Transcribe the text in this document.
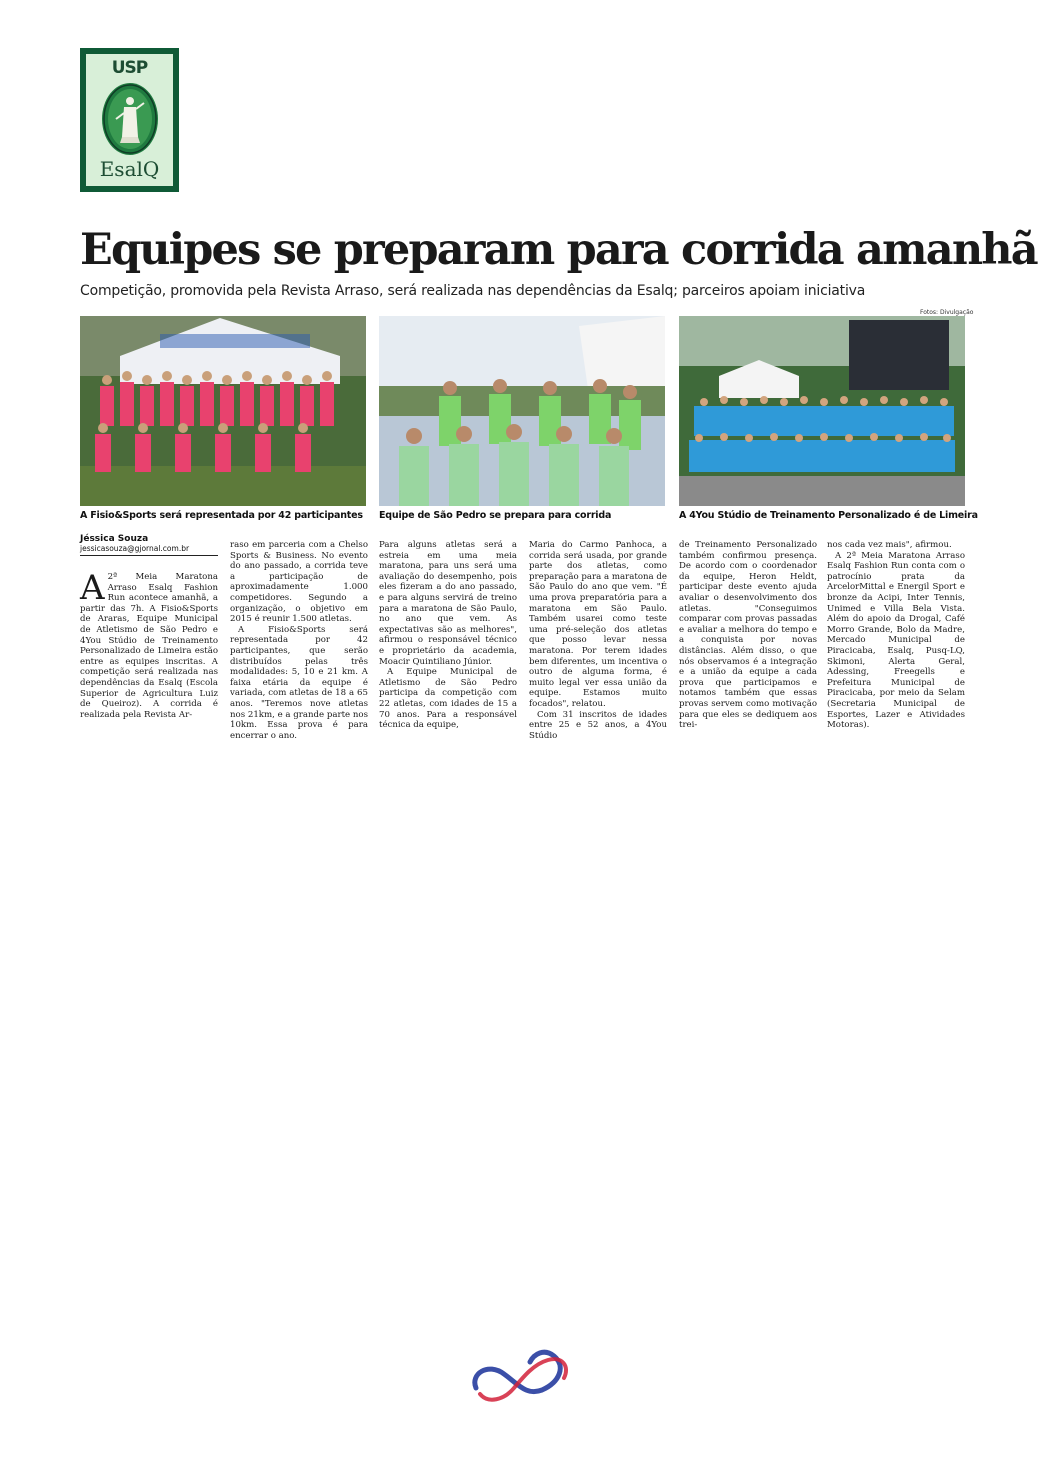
USP
EsalQ
Equipes se preparam para corrida amanhã

Competição, promovida pela Revista Arraso, será realizada nas dependências da Esalq; parceiros apoiam iniciativa

Fotos: Divulgação
A Fisio&Sports será representada por 42 participantes Equipe de São Pedro se prepara para corrida	A 4You Stúdio de Treinamento Personalizado é de Limeira
Jéssica Souza
jessicasouza@gjornal.com.br

A 2ª Meia Maratona Arraso Esalq Fashion Run acontece amanhã, a partir das 7h. A Fisio&Sports de Araras, Equipe Municipal de Atletismo de São Pedro e 4You Stúdio de Treinamento Personalizado de Limeira estão entre as equipes inscritas. A competição será realizada nas dependências da Esalq (Escola Superior de Agricultura Luiz de Queiroz). A corrida é realizada pela Revista Ar-

raso em parceria com a Chelso Sports & Business. No evento do ano passado, a corrida teve a participação de aproximadamente 1.000 competidores. Segundo a organização, o objetivo em 2015 é reunir 1.500 atletas.

A Fisio&Sports será representada por 42 participantes, que serão distribuídos pelas três modalidades: 5, 10 e 21 km. A faixa etária da equipe é variada, com atletas de 18 a 65 anos. "Teremos nove atletas nos 21km, e a grande parte nos 10km. Essa prova é para encerrar o ano.

Para alguns atletas será a estreia em uma meia maratona, para uns será uma avaliação do desempenho, pois eles fizeram a do ano passado, e para alguns servirá de treino para a maratona de São Paulo, no ano que vem. As expectativas são as melhores", afirmou o responsável técnico e proprietário da academia, Moacir Quintiliano Júnior.

A Equipe Municipal de Atletismo de São Pedro participa da competição com 22 atletas, com idades de 15 a 70 anos. Para a responsável técnica da equipe,

Maria do Carmo Panhoca, a corrida será usada, por grande parte dos atletas, como preparação para a maratona de São Paulo do ano que vem. "É uma prova preparatória para a maratona em São Paulo. Também usarei como teste uma pré-seleção dos atletas que posso levar nessa maratona. Por terem idades bem diferentes, um incentiva o outro de alguma forma, é muito legal ver essa união da equipe. Estamos muito focados", relatou.

Com 31 inscritos de idades entre 25 e 52 anos, a 4You Stúdio

de Treinamento Personalizado também confirmou presença. De acordo com o coordenador da equipe, Heron Heldt, participar deste evento ajuda avaliar o desenvolvimento dos atletas. "Conseguimos comparar com provas passadas e avaliar a melhora do tempo e a conquista por novas distâncias. Além disso, o que nós observamos é a integração e a união da equipe a cada prova que participamos e notamos também que essas provas servem como motivação para que eles se dediquem aos trei-

nos cada vez mais", afirmou.

A 2ª Meia Maratona Arraso Esalq Fashion Run conta com o patrocínio prata da ArcelorMittal e Energil Sport e bronze da Acipi, Inter Tennis, Unimed e Villa Bela Vista. Além do apoio da Drogal, Café Morro Grande, Bolo da Madre, Mercado Municipal de Piracicaba, Esalq, Pusq-LQ, Skimoni, Alerta Geral, Adessing, Freegells e Prefeitura Municipal de Piracicaba, por meio da Selam (Secretaria Municipal de Esportes, Lazer e Atividades Motoras).
